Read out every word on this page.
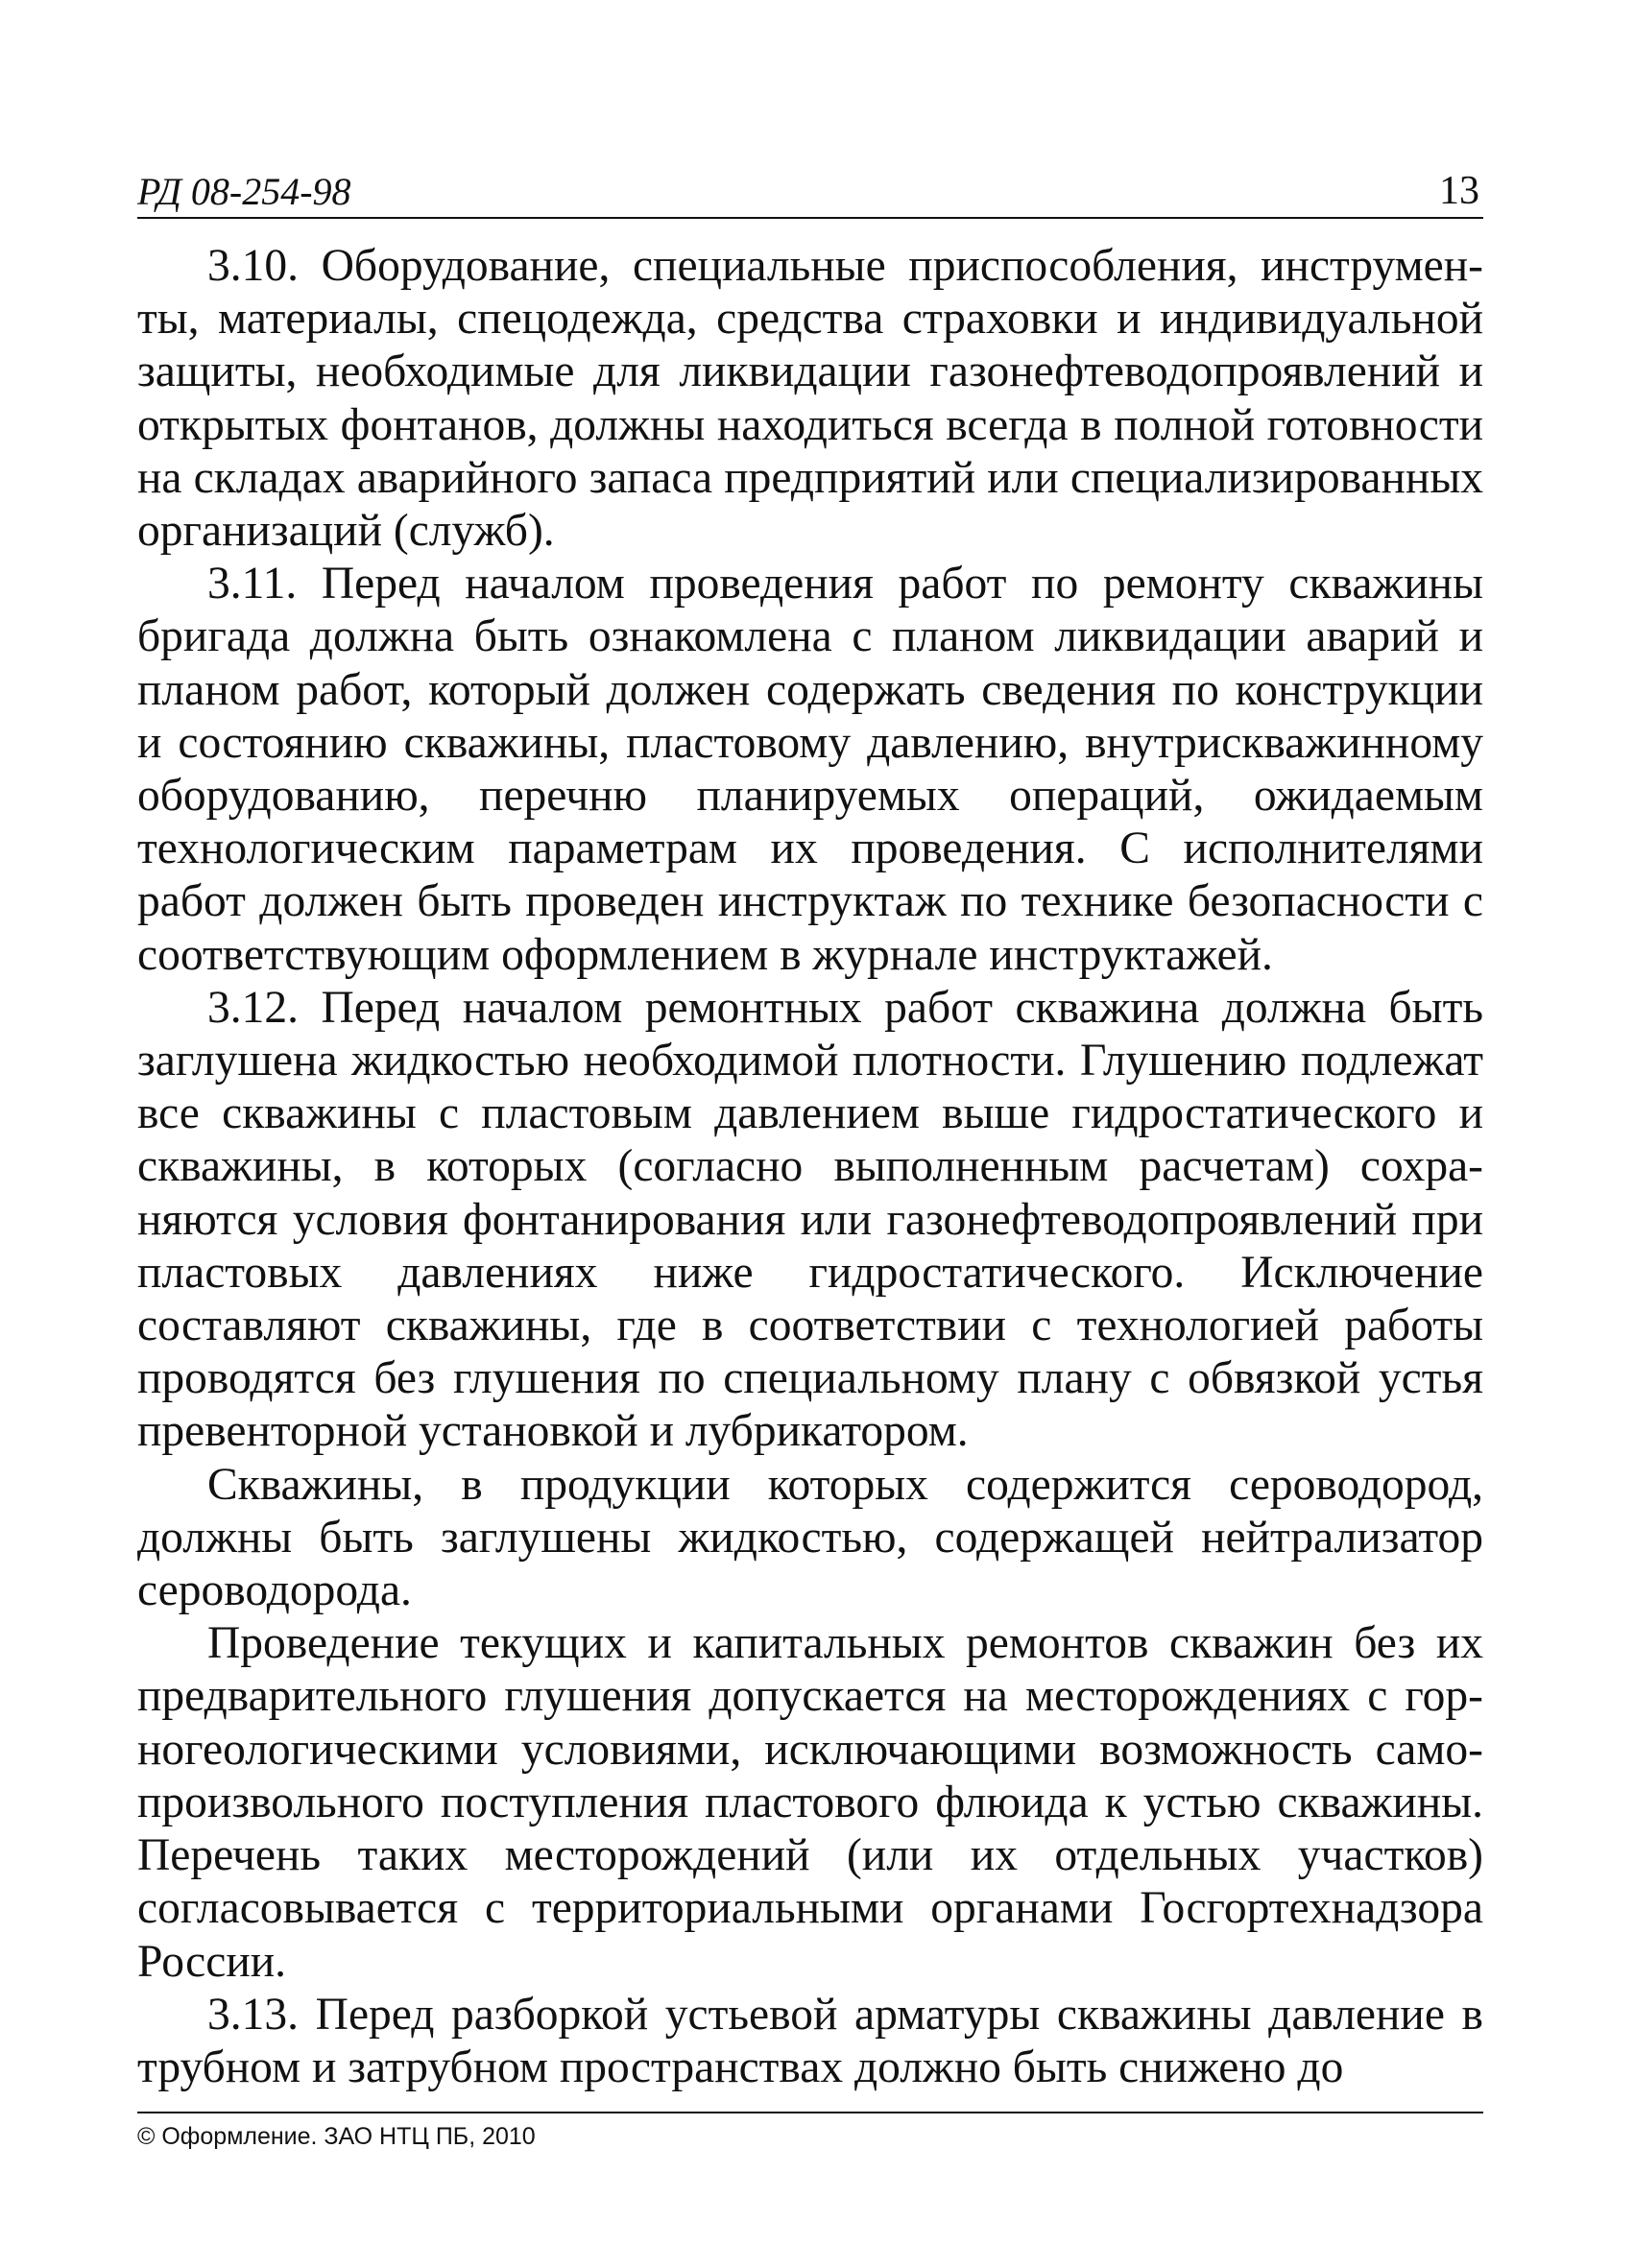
РД 08-254-98	13

3.10. Оборудование, специальные приспособления, инструменты, материалы, спецодежда, средства страховки и индивидуальной защиты, необходимые для ликвидации газонефтеводопроявлений и открытых фонтанов, должны находиться всегда в полной готовности на складах аварийного запаса предприятий или специализированных организаций (служб).

3.11. Перед началом проведения работ по ремонту скважины бригада должна быть ознакомлена с планом ликвидации аварий и планом работ, который должен содержать сведения по конструкции и состоянию скважины, пластовому давлению, внутрискважинному оборудованию, перечню планируемых операций, ожидаемым технологическим параметрам их проведения. С исполнителями работ должен быть проведен инструктаж по технике безопасности с соответствующим оформлением в журнале инструктажей.

3.12. Перед началом ремонтных работ скважина должна быть заглушена жидкостью необходимой плотности. Глушению подлежат все скважины с пластовым давлением выше гидростатического и скважины, в которых (согласно выполненным расчетам) сохраняются условия фонтанирования или газонефтеводопроявлений при пластовых давлениях ниже гидростатического. Исключение составляют скважины, где в соответствии с технологией работы проводятся без глушения по специальному плану с обвязкой устья превенторной установкой и лубрикатором.

Скважины, в продукции которых содержится сероводород, должны быть заглушены жидкостью, содержащей нейтрализатор сероводорода.

Проведение текущих и капитальных ремонтов скважин без их предварительного глушения допускается на месторождениях с горногеологическими условиями, исключающими возможность самопроизвольного поступления пластового флюида к устью скважины. Перечень таких месторождений (или их отдельных участков) согласовывается с территориальными органами Госгортехнадзора России.

3.13. Перед разборкой устьевой арматуры скважины давление в трубном и затрубном пространствах должно быть снижено до

© Оформление. ЗАО НТЦ ПБ, 2010
